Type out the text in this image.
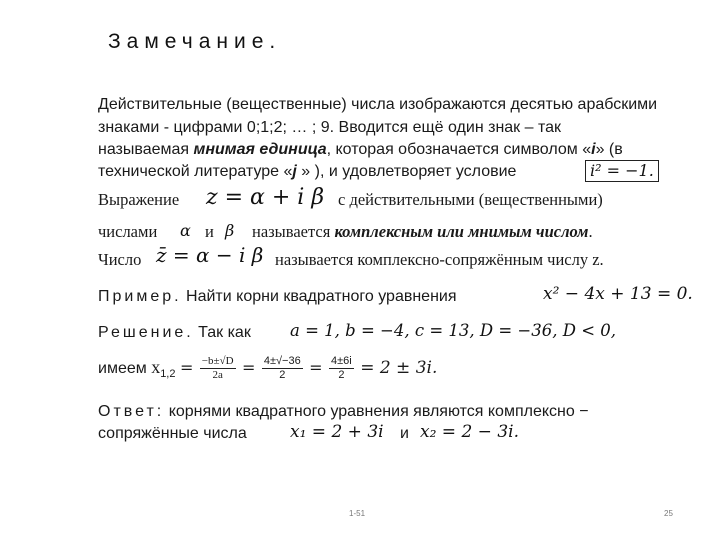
Замечание.
Действительные (вещественные) числа изображаются десятью арабскими
знаками - цифрами 0;1;2; … ; 9. Вводится ещё один знак – так
называемая мнимая единица, которая обозначается символом «i» (в
технической литературе «j » ), и удовлетворяет условие	i² = −1.
Выражение z = α + i β с действительными (вещественными)
числами α и β называется комплексным или мнимым числом.
Число z̄ = α − i β называется комплексно-сопряжённым числу z.
Пример. Найти корни квадратного уравнения	x² − 4x + 13 = 0.
Решение. Так как a = 1, b = −4, c = 13, D = −36, D < 0,
имеем $x_{1,2} = \frac{-b\pm√D}{2a} = \frac{4\pm√-36}{2} = \frac{4\pm 6i}{2} = 2 \pm 3i$.
Ответ: корнями квадратного уравнения являются комплексно −
сопряжённые числа	x₁ = 2 + 3i и x₂ = 2 − 3i.
1-51	25
